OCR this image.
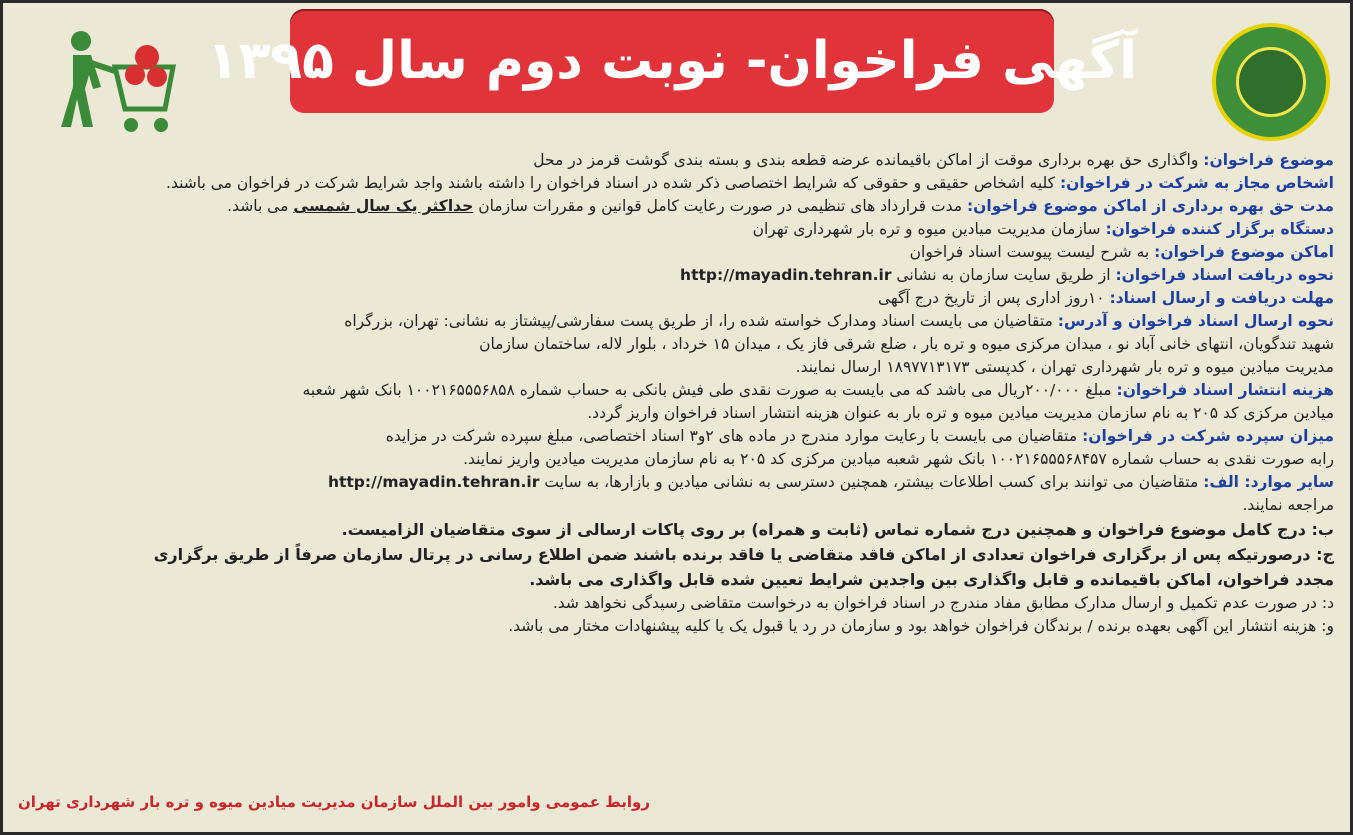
آگهی فراخوان- نوبت دوم سال ۱۳۹۵

موضوع فراخوان: واگذاری حق بهره برداری موقت از اماکن باقیمانده عرضه قطعه بندی و بسته بندی گوشت قرمز در محل

اشخاص مجاز به شرکت در فراخوان: کلیه اشخاص حقیقی و حقوقی که شرایط اختصاصی ذکر شده در اسناد فراخوان را داشته باشند واجد شرایط شرکت در فراخوان می باشند.

مدت حق بهره برداری از اماکن موضوع فراخوان: مدت قرارداد های تنظیمی در صورت رعایت کامل قوانین و مقررات سازمان حداکثر یک سال شمسی می باشد.

دستگاه برگزار کننده فراخوان: سازمان مدیریت میادین میوه و تره بار شهرداری تهران

اماکن موضوع فراخوان: به شرح لیست پیوست اسناد فراخوان

نحوه دریافت اسناد فراخوان: از طریق سایت سازمان به نشانی http://mayadin.tehran.ir

مهلت دریافت و ارسال اسناد: ۱۰روز اداری پس از تاریخ درج آگهی

نحوه ارسال اسناد فراخوان و آدرس: متقاضیان می بایست اسناد ومدارک خواسته شده را، از طریق پست سفارشی/پیشتاز به نشانی: تهران، بزرگراه

شهید تندگویان، انتهای خانی آباد نو ، میدان مرکزی میوه و تره بار ، ضلع شرقی فاز یک ، میدان ۱۵ خرداد ، بلوار لاله، ساختمان سازمان

مدیریت میادین میوه و تره بار شهرداری تهران ، کدپستی ۱۸۹۷۷۱۳۱۷۳ ارسال نمایند.

هزینه انتشار اسناد فراخوان: مبلغ ۲۰۰/۰۰۰ریال می باشد که می بایست به صورت نقدی طی فیش بانکی به حساب شماره ۱۰۰۲۱۶۵۵۵۶۸۵۸ بانک شهر شعبه

میادین مرکزی کد ۲۰۵ به نام سازمان مدیریت میادین میوه و تره بار به عنوان هزینه انتشار اسناد فراخوان واریز گردد.

میزان سپرده شرکت در فراخوان: متقاضیان می بایست با رعایت موارد مندرج در ماده های ۲و۳ اسناد اختصاصی، مبلغ سپرده شرکت در مزایده

رابه صورت نقدی به حساب شماره ۱۰۰۲۱۶۵۵۵۶۸۴۵۷ بانک شهر شعبه میادین مرکزی کد ۲۰۵ به نام سازمان مدیریت میادین واریز نمایند.

سایر موارد: الف: متقاضیان می توانند برای کسب اطلاعات بیشتر، همچنین دسترسی به نشانی میادین و بازارها، به سایت http://mayadin.tehran.ir

مراجعه نمایند.

ب: درج کامل موضوع فراخوان و همچنین درج شماره تماس (ثابت و همراه) بر روی پاکات ارسالی از سوی متقاضیان الزامیست.

ج: درصورتیکه پس از برگزاری فراخوان تعدادی از اماکن فاقد متقاضی یا فاقد برنده باشند ضمن اطلاع رسانی در پرتال سازمان صرفاً از طریق برگزاری

مجدد فراخوان، اماکن باقیمانده و قابل واگذاری بین واجدین شرایط تعیین شده قابل واگذاری می باشد.

د: در صورت عدم تکمیل و ارسال مدارک مطابق مفاد مندرج در اسناد فراخوان به درخواست متقاضی رسیدگی نخواهد شد.

و: هزینه انتشار این آگهی بعهده برنده / برندگان فراخوان خواهد بود و سازمان در رد یا قبول یک یا کلیه پیشنهادات مختار می باشد.

روابط عمومی وامور بین الملل سازمان مدیریت میادین میوه و تره بار شهرداری تهران
